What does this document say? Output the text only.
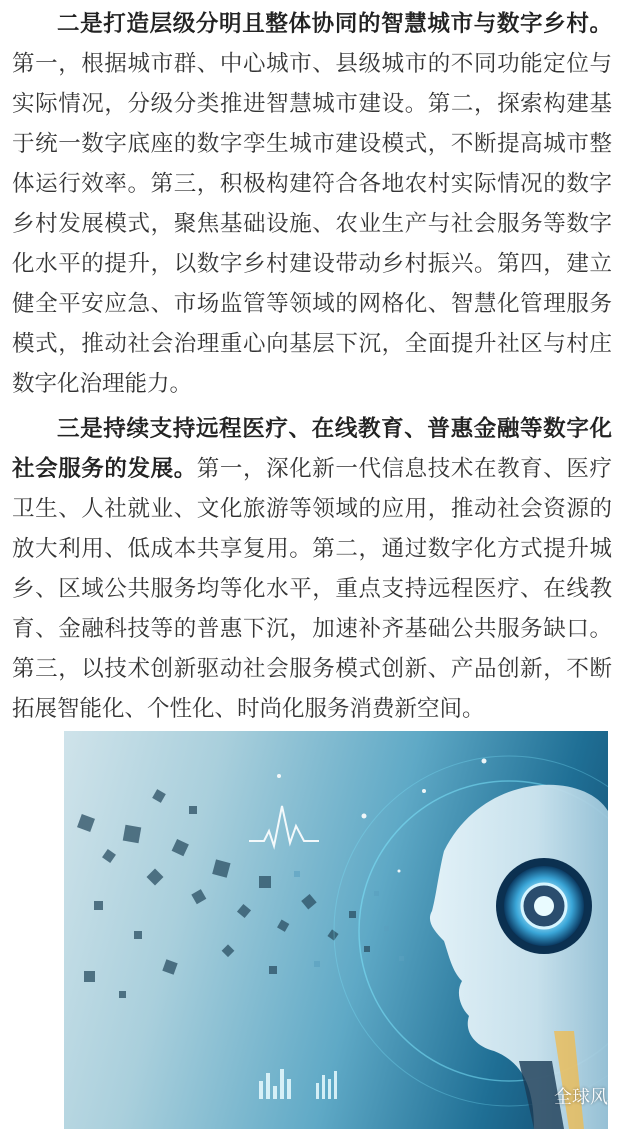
二是打造层级分明且整体协同的智慧城市与数字乡村。第一，根据城市群、中心城市、县级城市的不同功能定位与实际情况，分级分类推进智慧城市建设。第二，探索构建基于统一数字底座的数字孪生城市建设模式，不断提高城市整体运行效率。第三，积极构建符合各地农村实际情况的数字乡村发展模式，聚焦基础设施、农业生产与社会服务等数字化水平的提升，以数字乡村建设带动乡村振兴。第四，建立健全平安应急、市场监管等领域的网格化、智慧化管理服务模式，推动社会治理重心向基层下沉，全面提升社区与村庄数字化治理能力。

三是持续支持远程医疗、在线教育、普惠金融等数字化社会服务的发展。第一，深化新一代信息技术在教育、医疗卫生、人社就业、文化旅游等领域的应用，推动社会资源的放大利用、低成本共享复用。第二，通过数字化方式提升城乡、区域公共服务均等化水平，重点支持远程医疗、在线教育、金融科技等的普惠下沉，加速补齐基础公共服务缺口。第三，以技术创新驱动社会服务模式创新、产品创新，不断拓展智能化、个性化、时尚化服务消费新空间。

全球风
